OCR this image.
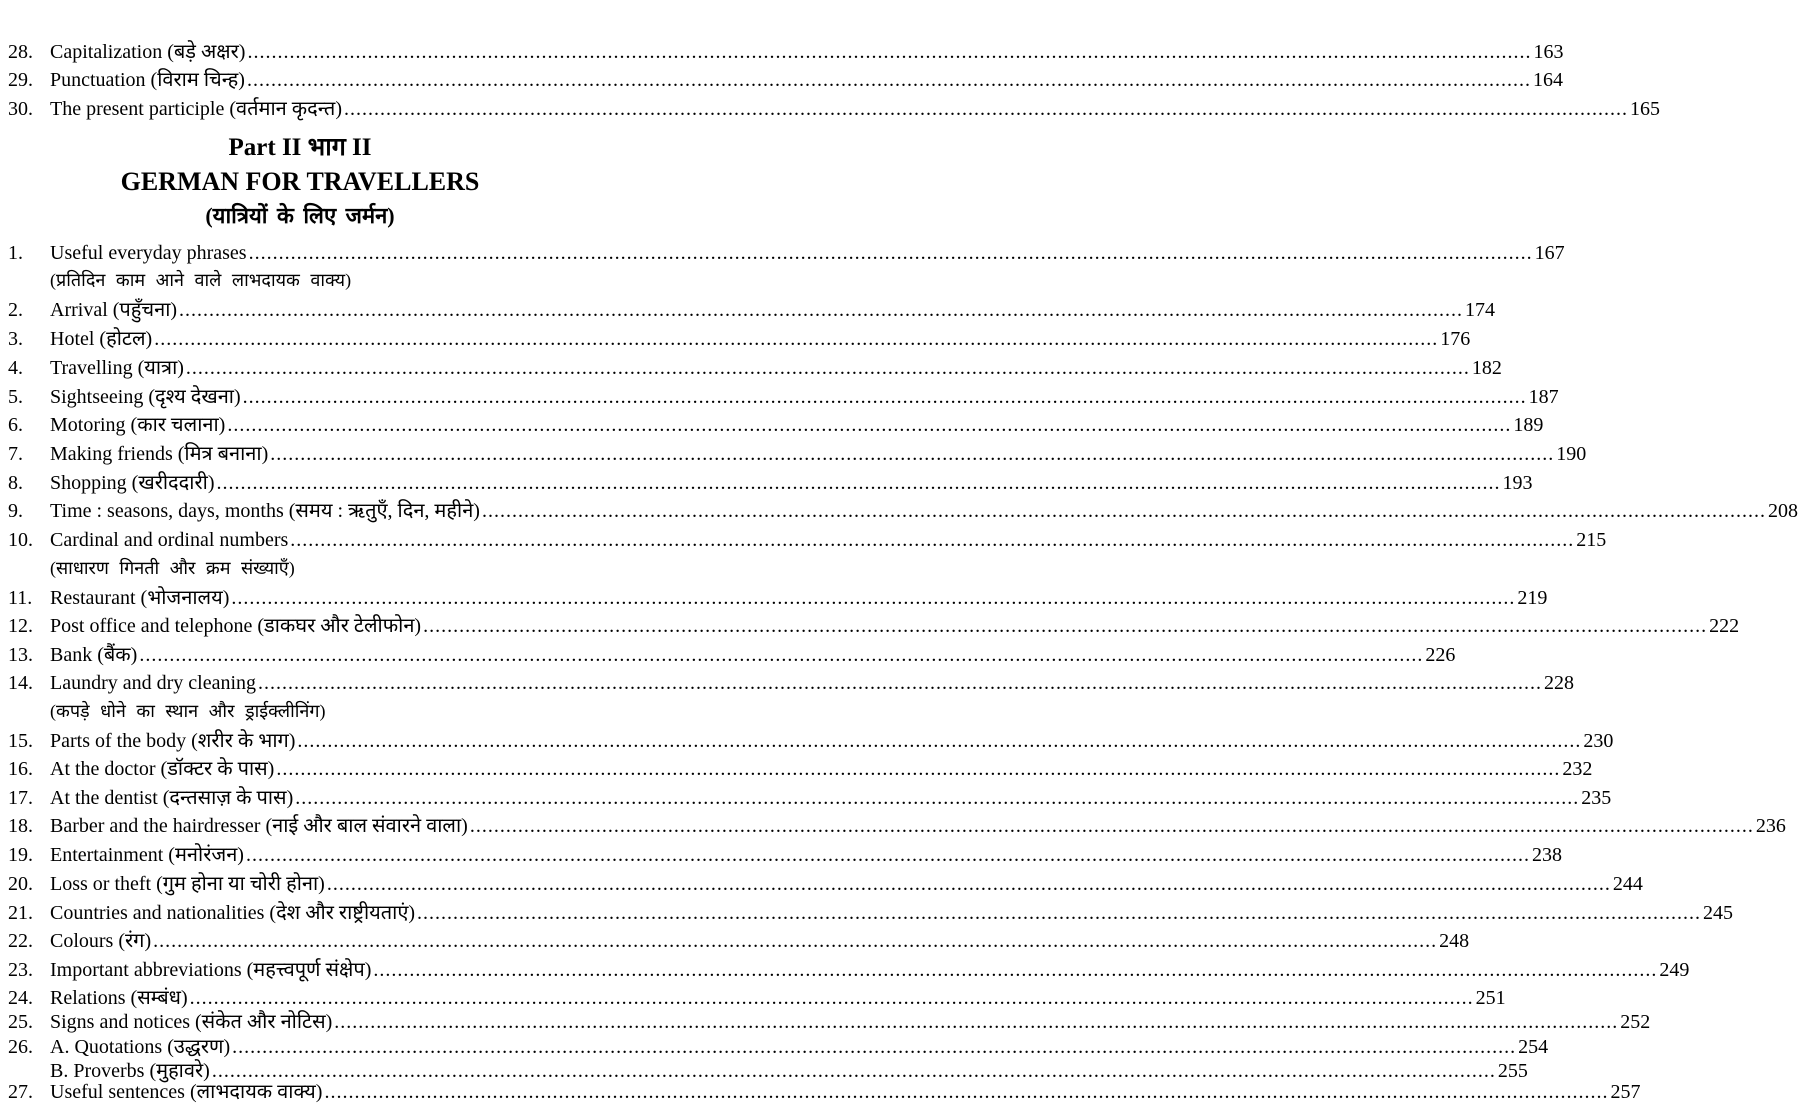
28. Capitalization (बड़े अक्षर) .....	163
29. Punctuation (विराम चिन्ह) .....	164
30. The present participle (वर्तमान कृदन्त) .....	165
Part II भाग II
GERMAN FOR TRAVELLERS
(यात्रियों के लिए जर्मन)
1.	Useful everyday phrases .....	167
(प्रतिदिन काम आने वाले लाभदायक वाक्य)
2.	Arrival (पहुँचना) .....	174
3.	Hotel (होटल) .....	176
4.	Travelling (यात्रा) .....	182
5.	Sightseeing (दृश्य देखना) .....	187
6.	Motoring (कार चलाना) .....	189
7.	Making friends (मित्र बनाना) .....	190
8.	Shopping (खरीददारी) .....	193
9.	Time : seasons, days, months (समय : ऋतुएँ, दिन, महीने) .....	208
10. Cardinal and ordinal numbers .....	215
(साधारण गिनती और क्रम संख्याएँ)
11. Restaurant (भोजनालय) .....	219
12. Post office and telephone (डाकघर और टेलीफोन) .....	222
13. Bank (बैंक) .....	226
14. Laundry and dry cleaning .....	228
(कपड़े धोने का स्थान और ड्राईक्लीनिंग)
15. Parts of the body (शरीर के भाग) .....	230
16. At the doctor (डॉक्टर के पास) .....	232
17. At the dentist (दन्तसाज़ के पास) .....	235
18. Barber and the hairdresser (नाई और बाल संवारने वाला) .....	236
19. Entertainment (मनोरंजन) .....	238
20. Loss or theft (गुम होना या चोरी होना) .....	244
21. Countries and nationalities (देश और राष्ट्रीयताएं) .....	245
22. Colours (रंग) .....	248
23. Important abbreviations (महत्त्वपूर्ण संक्षेप) .....	249
24. Relations (सम्बंध) .....	251
25. Signs and notices (संकेत और नोटिस) .....	252
26. A. Quotations (उद्धरण) .....	254
B. Proverbs (मुहावरे) .....	255
27. Useful sentences (लाभदायक वाक्य) .....	257
